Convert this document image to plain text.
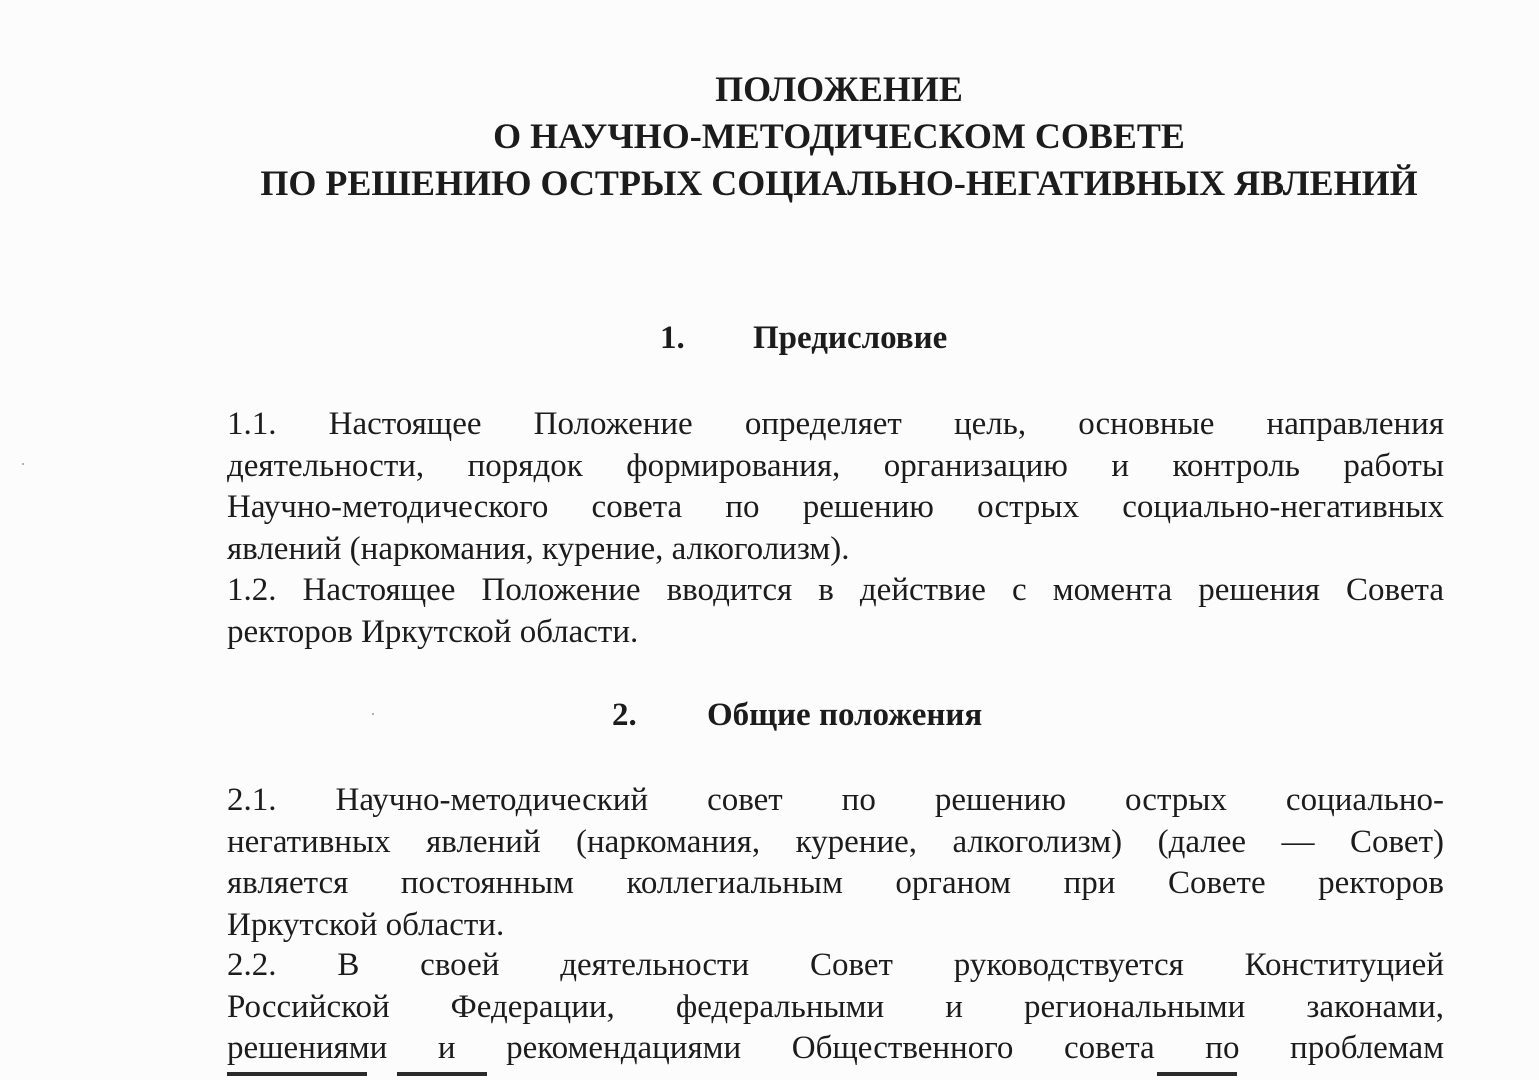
ПОЛОЖЕНИЕ
О НАУЧНО-МЕТОДИЧЕСКОМ СОВЕТЕ
ПО РЕШЕНИЮ ОСТРЫХ СОЦИАЛЬНО-НЕГАТИВНЫХ ЯВЛЕНИЙ
1. Предисловие
1.1. Настоящее Положение определяет цель, основные направления
деятельности, порядок формирования, организацию и контроль работы
Научно-методического совета по решению острых социально-негативных
явлений (наркомания, курение, алкоголизм).
1.2. Настоящее Положение вводится в действие с момента решения Совета
ректоров Иркутской области.
2. Общие положения
2.1. Научно-методический совет по решению острых социально-
негативных явлений (наркомания, курение, алкоголизм) (далее — Совет)
является постоянным коллегиальным органом при Совете ректоров
Иркутской области.
2.2. В своей деятельности Совет руководствуется Конституцией
Российской Федерации, федеральными и региональными законами,
решениями и рекомендациями Общественного совета по проблемам
